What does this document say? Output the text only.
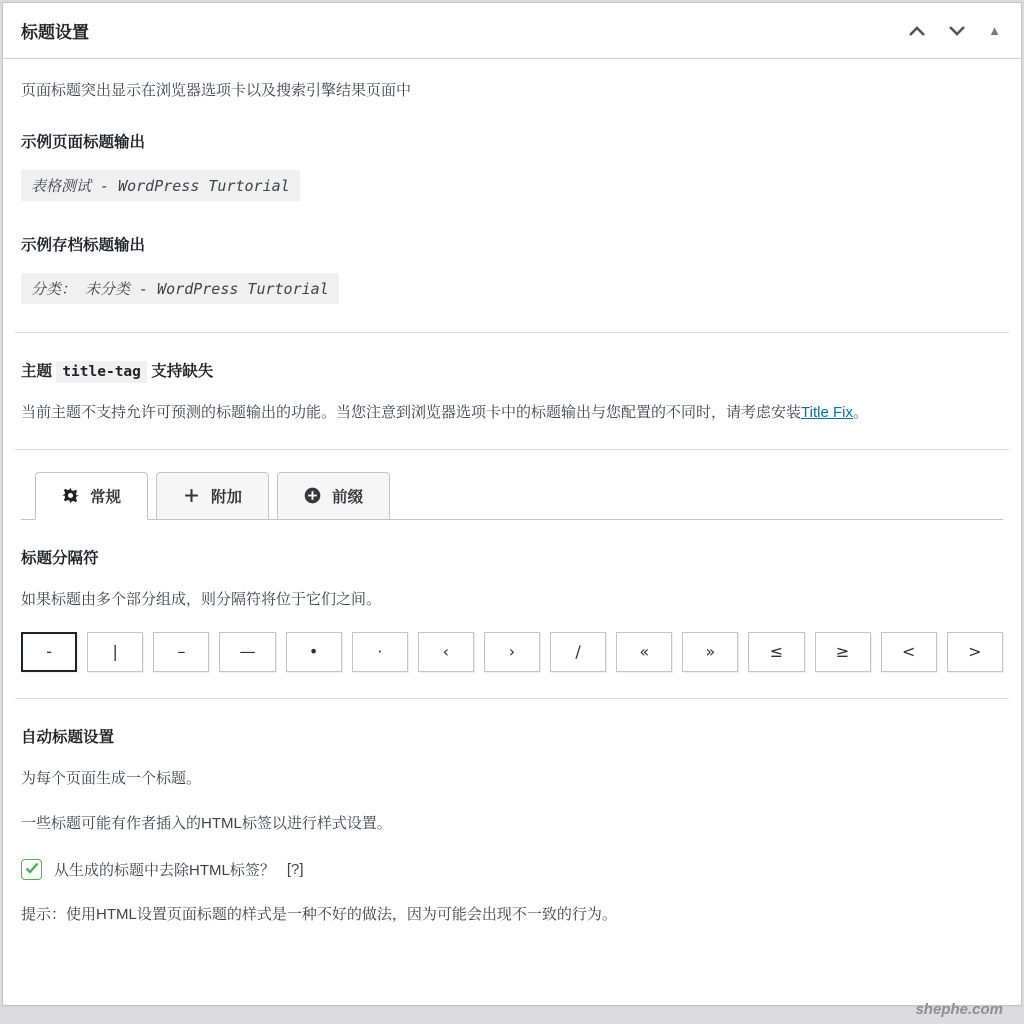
标题设置	▲

页面标题突出显示在浏览器选项卡以及搜索引擎结果页面中

示例页面标题输出
表格测试 - WordPress Turtorial
示例存档标题输出
分类： 未分类 - WordPress Turtorial
主题 title-tag 支持缺失

当前主题不支持允许可预测的标题输出的功能。当您注意到浏览器选项卡中的标题输出与您配置的不同时，请考虑安装Title Fix。

常规	附加	前缀
标题分隔符

如果标题由多个部分组成，则分隔符将位于它们之间。

-	|	–	—	•	·	‹	›	/	«	»	≤	≥	<	>
自动标题设置

为每个页面生成一个标题。

一些标题可能有作者插入的HTML标签以进行样式设置。

从生成的标题中去除HTML标签？ [?]

提示：使用HTML设置页面标题的样式是一种不好的做法，因为可能会出现不一致的行为。

shephe.com
